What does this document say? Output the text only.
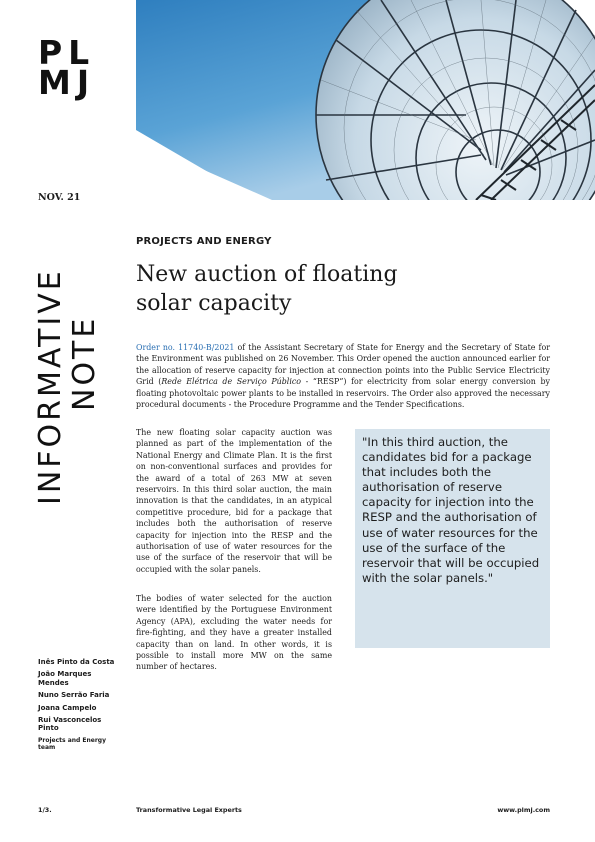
PL
MJ
NOV. 21
INFORMATIVE NOTE
PROJECTS AND ENERGY
New auction of floating
solar capacity
Order no. 11740-B/2021 of the Assistant Secretary of State for Energy and the Secretary of State for the Environment was published on 26 November. This Order opened the auction announced earlier for the allocation of reserve capacity for injection at connection points into the Public Service Electricity Grid (Rede Elétrica de Serviço Público - “RESP”) for electricity from solar energy conversion by floating photovoltaic power plants to be installed in reservoirs. The Order also approved the necessary procedural documents - the Procedure Programme and the Tender Specifications.
The new floating solar capacity auction was planned as part of the implementation of the National Energy and Climate Plan. It is the first on non-conventional surfaces and provides for the award of a total of 263 MW at seven reservoirs. In this third solar auction, the main innovation is that the candidates, in an atypical competitive procedure, bid for a package that includes both the authorisation of reserve capacity for injection into the RESP and the authorisation of use of water resources for the use of the surface of the reservoir that will be occupied with the solar panels.
The bodies of water selected for the auction were identified by the Portuguese Environment Agency (APA), excluding the water needs for fire-fighting, and they have a greater installed capacity than on land. In other words, it is possible to install more MW on the same number of hectares.
"In this third auction, the candidates bid for a package that includes both the authorisation of reserve capacity for injection into the RESP and the authorisation of use of water resources for the use of the surface of the reservoir that will be occupied with the solar panels."
Inês Pinto da Costa
João Marques Mendes
Nuno Serrão Faria
Joana Campelo
Rui Vasconcelos Pinto
Projects and Energy team
1/3.	Transformative Legal Experts	www.plmj.com
